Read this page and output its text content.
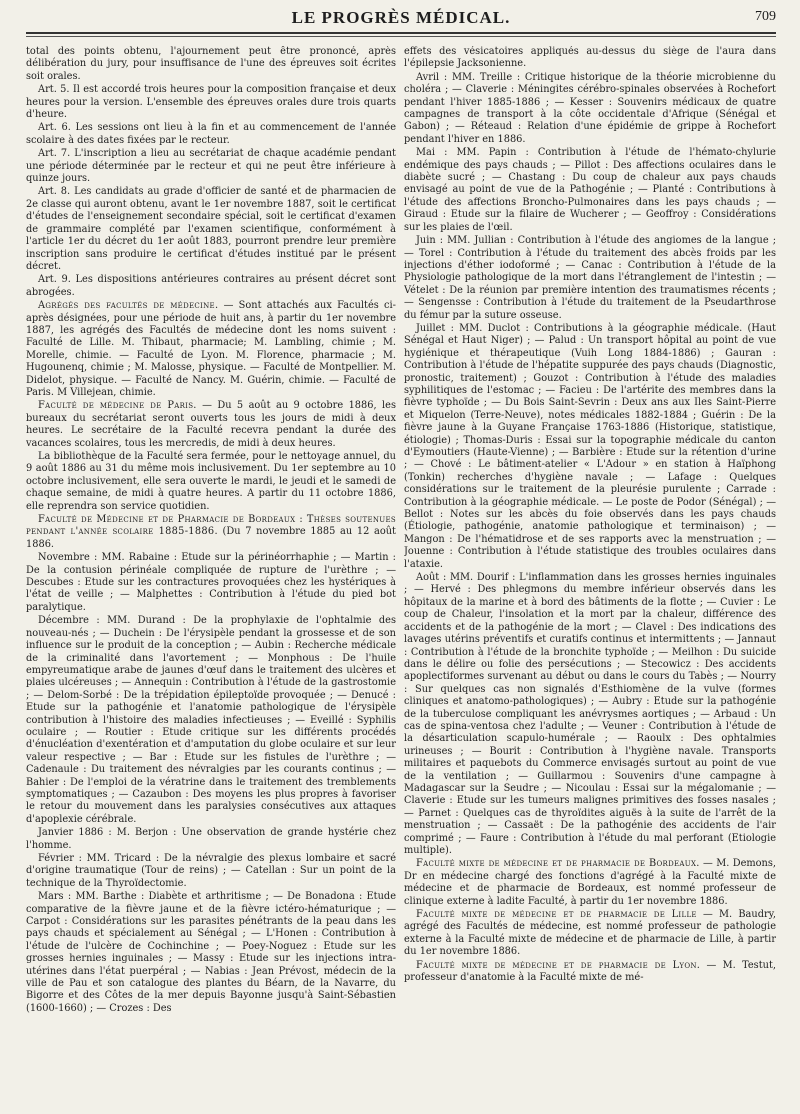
LE PROGRÈS MÉDICAL.	709

total des points obtenu, l'ajournement peut être prononcé, après délibération du jury, pour insuffisance de l'une des épreuves soit écrites soit orales.

Art. 5. Il est accordé trois heures pour la composition française et deux heures pour la version. L'ensemble des épreuves orales dure trois quarts d'heure.

Art. 6. Les sessions ont lieu à la fin et au commencement de l'année scolaire à des dates fixées par le recteur.

Art. 7. L'inscription a lieu au secrétariat de chaque académie pendant une période déterminée par le recteur et qui ne peut être inférieure à quinze jours.

Art. 8. Les candidats au grade d'officier de santé et de pharmacien de 2e classe qui auront obtenu, avant le 1er novembre 1887, soit le certificat d'études de l'enseignement secondaire spécial, soit le certificat d'examen de grammaire complété par l'examen scientifique, conformément à l'article 1er du décret du 1er août 1883, pourront prendre leur première inscription sans produire le certificat d'études institué par le présent décret.

Art. 9. Les dispositions antérieures contraires au présent décret sont abrogées.

Agrégés des facultés de médecine. — Sont attachés aux Facultés ci-après désignées, pour une période de huit ans, à partir du 1er novembre 1887, les agrégés des Facultés de médecine dont les noms suivent : Faculté de Lille. M. Thibaut, pharmacie; M. Lambling, chimie ; M. Morelle, chimie. — Faculté de Lyon. M. Florence, pharmacie ; M. Hugounenq, chimie ; M. Malosse, physique. — Faculté de Montpellier. M. Didelot, physique. — Faculté de Nancy. M. Guérin, chimie. — Faculté de Paris. M Villejean, chimie.

Faculté de médecine de Paris. — Du 5 août au 9 octobre 1886, les bureaux du secrétariat seront ouverts tous les jours de midi à deux heures. Le secrétaire de la Faculté recevra pendant la durée des vacances scolaires, tous les mercredis, de midi à deux heures.

La bibliothèque de la Faculté sera fermée, pour le nettoyage annuel, du 9 août 1886 au 31 du même mois inclusivement. Du 1er septembre au 10 octobre inclusivement, elle sera ouverte le mardi, le jeudi et le samedi de chaque semaine, de midi à quatre heures. A partir du 11 octobre 1886, elle reprendra son service quotidien.

Faculté de Médecine et de Pharmacie de Bordeaux : Thèses soutenues pendant l'année scolaire 1885-1886. (Du 7 novembre 1885 au 12 août 1886.

Novembre : MM. Rabaine : Etude sur la périnéorrhaphie ; — Martin : De la contusion périnéale compliquée de rupture de l'urèthre ; — Descubes : Etude sur les contractures provoquées chez les hystériques à l'état de veille ; — Malphettes : Contribution à l'étude du pied bot paralytique.

Décembre : MM. Durand : De la prophylaxie de l'ophtalmie des nouveau-nés ; — Duchein : De l'érysipèle pendant la grossesse et de son influence sur le produit de la conception ; — Aubin : Recherche médicale de la criminalité dans l'avortement ; — Monphous : De l'huile empyreumatique arabe de jaunes d'œuf dans le traitement des ulcères et plaies ulcéreuses ; — Annequin : Contribution à l'étude de la gastrostomie ; — Delom-Sorbé : De la trépidation épileptoïde provoquée ; — Denucé : Etude sur la pathogénie et l'anatomie pathologique de l'érysipèle contribution à l'histoire des maladies infectieuses ; — Eveillé : Syphilis oculaire ; — Routier : Etude critique sur les différents procédés d'énucléation d'exentération et d'amputation du globe oculaire et sur leur valeur respective ; — Bar : Etude sur les fistules de l'urèthre ; — Cadenaule : Du traitement des névralgies par les courants continus ; — Bahier : De l'emploi de la vératrine dans le traitement des tremblements symptomatiques ; — Cazaubon : Des moyens les plus propres à favoriser le retour du mouvement dans les paralysies consécutives aux attaques d'apoplexie cérébrale.

Janvier 1886 : M. Berjon : Une observation de grande hystérie chez l'homme.

Février : MM. Tricard : De la névralgie des plexus lombaire et sacré d'origine traumatique (Tour de reins) ; — Catellan : Sur un point de la technique de la Thyroïdectomie.

Mars : MM. Barthe : Diabète et arthritisme ; — De Bonadona : Etude comparative de la fièvre jaune et de la fièvre ictéro-hématurique ; — Carpot : Considérations sur les parasites pénétrants de la peau dans les pays chauds et spécialement au Sénégal ; — L'Honen : Contribution à l'étude de l'ulcère de Cochinchine ; — Poey-Noguez : Etude sur les grosses hernies inguinales ; — Massy : Etude sur les injections intra-utérines dans l'état puerpéral ; — Nabias : Jean Prévost, médecin de la ville de Pau et son catalogue des plantes du Béarn, de la Navarre, du Bigorre et des Côtes de la mer depuis Bayonne jusqu'à Saint-Sébastien (1600-1660) ; — Crozes : Des

effets des vésicatoires appliqués au-dessus du siège de l'aura dans l'épilepsie Jacksonienne.

Avril : MM. Treille : Critique historique de la théorie microbienne du choléra ; — Claverie : Méningites cérébro-spinales observées à Rochefort pendant l'hiver 1885-1886 ; — Kesser : Souvenirs médicaux de quatre campagnes de transport à la côte occidentale d'Afrique (Sénégal et Gabon) ; — Réteaud : Relation d'une épidémie de grippe à Rochefort pendant l'hiver en 1886.

Mai : MM. Papin : Contribution à l'étude de l'hémato-chylurie endémique des pays chauds ; — Pillot : Des affections oculaires dans le diabète sucré ; — Chastang : Du coup de chaleur aux pays chauds envisagé au point de vue de la Pathogénie ; — Planté : Contributions à l'étude des affections Broncho-Pulmonaires dans les pays chauds ; — Giraud : Etude sur la filaire de Wucherer ; — Geoffroy : Considérations sur les plaies de l'œil.

Juin : MM. Jullian : Contribution à l'étude des angiomes de la langue ; — Torel : Contribution à l'étude du traitement des abcès froids par les injections d'éther iodoformé ; — Canac : Contribution à l'étude de la Physiologie pathologique de la mort dans l'étranglement de l'intestin ; — Vételet : De la réunion par première intention des traumatismes récents ; — Sengensse : Contribution à l'étude du traitement de la Pseudarthrose du fémur par la suture osseuse.

Juillet : MM. Duclot : Contributions à la géographie médicale. (Haut Sénégal et Haut Niger) ; — Palud : Un transport hôpital au point de vue hygiénique et thérapeutique (Vuih Long 1884-1886) ; Gauran : Contribution à l'étude de l'hépatite suppurée des pays chauds (Diagnostic, pronostic, traitement) ; Gouzot : Contribution à l'étude des maladies syphilitiques de l'estomac ; — Facieu : De l'artérite des membres dans la fièvre typhoïde ; — Du Bois Saint-Sevrin : Deux ans aux Iles Saint-Pierre et Miquelon (Terre-Neuve), notes médicales 1882-1884 ; Guérin : De la fièvre jaune à la Guyane Française 1763-1886 (Historique, statistique, étiologie) ; Thomas-Duris : Essai sur la topographie médicale du canton d'Eymoutiers (Haute-Vienne) ; — Barbière : Etude sur la rétention d'urine ; — Chové : Le bâtiment-atelier « L'Adour » en station à Haïphong (Tonkin) recherches d'hygiène navale ; — Lafage : Quelques considérations sur le traitement de la pleurésie purulente ; Carrade : Contribution à la géographie médicale. — Le poste de Podor (Sénégal) ; — Bellot : Notes sur les abcès du foie observés dans les pays chauds (Étiologie, pathogénie, anatomie pathologique et terminaison) ; — Mangon : De l'hématidrose et de ses rapports avec la menstruation ; — Jouenne : Contribution à l'étude statistique des troubles oculaires dans l'ataxie.

Août : MM. Dourif : L'inflammation dans les grosses hernies inguinales ; — Hervé : Des phlegmons du membre inférieur observés dans les hôpitaux de la marine et à bord des bâtiments de la flotte ; — Cuvier : Le coup de Chaleur, l'insolation et la mort par la chaleur, différence des accidents et de la pathogénie de la mort ; — Clavel : Des indications des lavages utérins préventifs et curatifs continus et intermittents ; — Jannaut : Contribution à l'étude de la bronchite typhoïde ; — Meilhon : Du suicide dans le délire ou folie des persécutions ; — Stecowicz : Des accidents apoplectiformes survenant au début ou dans le cours du Tabès ; — Nourry : Sur quelques cas non signalés d'Esthiomène de la vulve (formes cliniques et anatomo-pathologiques) ; — Aubry : Etude sur la pathogénie de la tuberculose compliquant les anévrysmes aortiques ; — Arbaud : Un cas de spina-ventosa chez l'adulte ; — Veuner : Contribution à l'étude de la désarticulation scapulo-humérale ; — Raoulx : Des ophtalmies urineuses ; — Bourit : Contribution à l'hygiène navale. Transports militaires et paquebots du Commerce envisagés surtout au point de vue de la ventilation ; — Guillarmou : Souvenirs d'une campagne à Madagascar sur la Seudre ; — Nicoulau : Essai sur la mégalomanie ; — Claverie : Etude sur les tumeurs malignes primitives des fosses nasales ; — Parnet : Quelques cas de thyroïdites aiguës à la suite de l'arrêt de la menstruation ; — Cassaët : De la pathogénie des accidents de l'air comprimé ; — Faure : Contribution à l'étude du mal perforant (Etiologie multiple).

Faculté mixte de médecine et de pharmacie de Bordeaux. — M. Demons, Dr en médecine chargé des fonctions d'agrégé à la Faculté mixte de médecine et de pharmacie de Bordeaux, est nommé professeur de clinique externe à ladite Faculté, à partir du 1er novembre 1886.

Faculté mixte de médecine et de pharmacie de Lille — M. Baudry, agrégé des Facultés de médecine, est nommé professeur de pathologie externe à la Faculté mixte de médecine et de pharmacie de Lille, à partir du 1er novembre 1886.

Faculté mixte de médecine et de pharmacie de Lyon. — M. Testut, professeur d'anatomie à la Faculté mixte de mé-
